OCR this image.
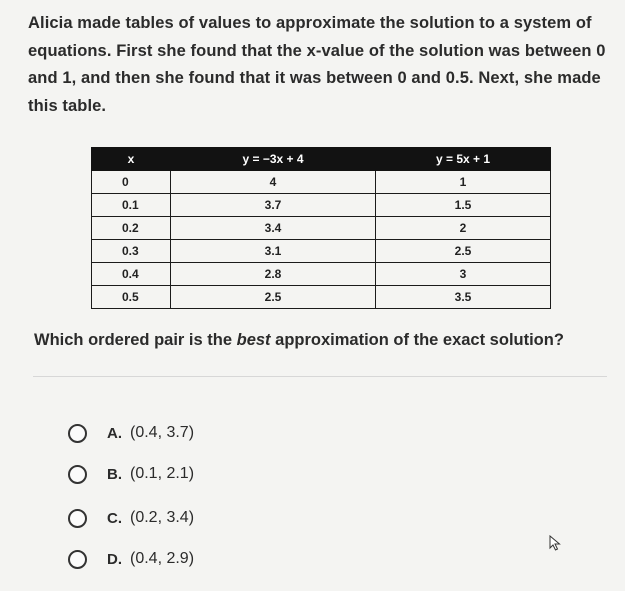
Alicia made tables of values to approximate the solution to a system of equations. First she found that the x-value of the solution was between 0 and 1, and then she found that it was between 0 and 0.5. Next, she made this table.
x	y = −3x + 4	y = 5x + 1
0	4	1
0.1	3.7	1.5
0.2	3.4	2
0.3	3.1	2.5
0.4	2.8	3
0.5	2.5	3.5
Which ordered pair is the best approximation of the exact solution?
A. (0.4, 3.7)
B. (0.1, 2.1)
C. (0.2, 3.4)
D. (0.4, 2.9)
